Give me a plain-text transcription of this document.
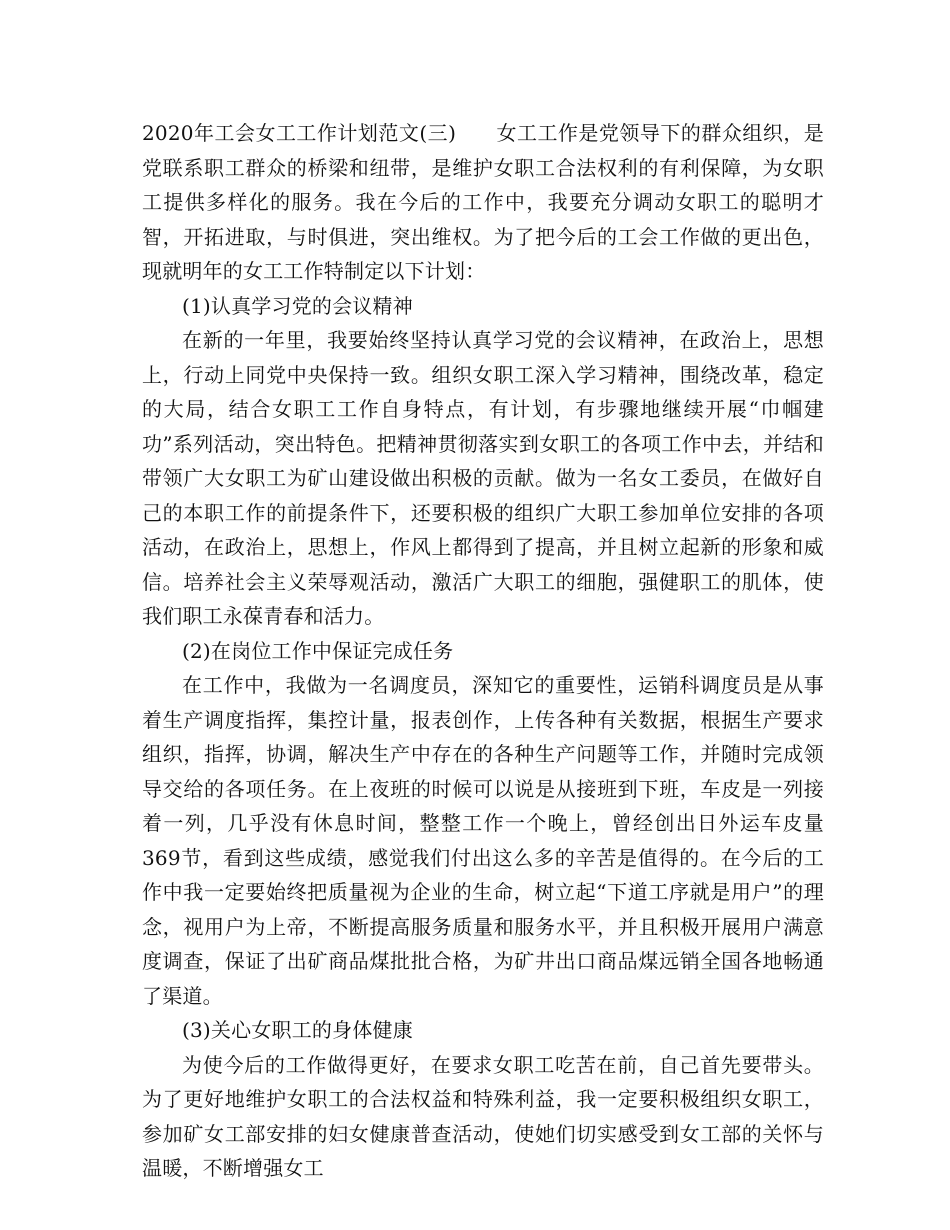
2020年工会女工工作计划范文(三) 女工工作是党领导下的群众组织，是党联系职工群众的桥梁和纽带，是维护女职工合法权利的有利保障，为女职工提供多样化的服务。我在今后的工作中，我要充分调动女职工的聪明才智，开拓进取，与时俱进，突出维权。为了把今后的工会工作做的更出色，现就明年的女工工作特制定以下计划：

(1)认真学习党的会议精神

在新的一年里，我要始终坚持认真学习党的会议精神，在政治上，思想上，行动上同党中央保持一致。组织女职工深入学习精神，围绕改革，稳定的大局，结合女职工工作自身特点，有计划，有步骤地继续开展“巾帼建功”系列活动，突出特色。把精神贯彻落实到女职工的各项工作中去，并结和带领广大女职工为矿山建设做出积极的贡献。做为一名女工委员，在做好自己的本职工作的前提条件下，还要积极的组织广大职工参加单位安排的各项活动，在政治上，思想上，作风上都得到了提高，并且树立起新的形象和威信。培养社会主义荣辱观活动，激活广大职工的细胞，强健职工的肌体，使我们职工永葆青春和活力。

(2)在岗位工作中保证完成任务

在工作中，我做为一名调度员，深知它的重要性，运销科调度员是从事着生产调度指挥，集控计量，报表创作，上传各种有关数据，根据生产要求组织，指挥，协调，解决生产中存在的各种生产问题等工作，并随时完成领导交给的各项任务。在上夜班的时候可以说是从接班到下班，车皮是一列接着一列，几乎没有休息时间，整整工作一个晚上，曾经创出日外运车皮量369节，看到这些成绩，感觉我们付出这么多的辛苦是值得的。在今后的工作中我一定要始终把质量视为企业的生命，树立起“下道工序就是用户”的理念，视用户为上帝，不断提高服务质量和服务水平，并且积极开展用户满意度调查，保证了出矿商品煤批批合格，为矿井出口商品煤远销全国各地畅通了渠道。

(3)关心女职工的身体健康

为使今后的工作做得更好，在要求女职工吃苦在前，自己首先要带头。为了更好地维护女职工的合法权益和特殊利益，我一定要积极组织女职工，参加矿女工部安排的妇女健康普查活动，使她们切实感受到女工部的关怀与温暖，不断增强女工
